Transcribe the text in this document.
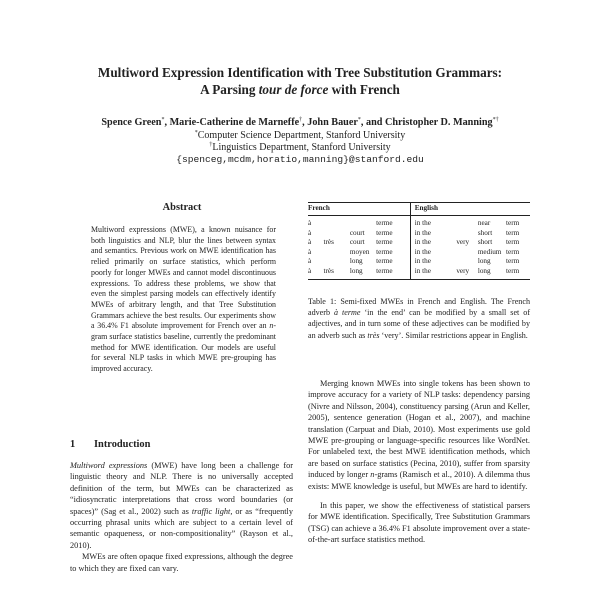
Multiword Expression Identification with Tree Substitution Grammars:
A Parsing tour de force with French
Spence Green*, Marie-Catherine de Marneffe†, John Bauer*, and Christopher D. Manning*†
*Computer Science Department, Stanford University
†Linguistics Department, Stanford University
{spenceg,mcdm,horatio,manning}@stanford.edu
Abstract
Multiword expressions (MWE), a known nuisance for both linguistics and NLP, blur the lines between syntax and semantics. Previous work on MWE identification has relied primarily on surface statistics, which perform poorly for longer MWEs and cannot model discontinuous expressions. To address these problems, we show that even the simplest parsing models can effectively identify MWEs of arbitrary length, and that Tree Substitution Grammars achieve the best results. Our experiments show a 36.4% F1 absolute improvement for French over an n-gram surface statistics baseline, currently the predominant method for MWE identification. Our models are useful for several NLP tasks in which MWE pre-grouping has improved accuracy.
1 Introduction

Multiword expressions (MWE) have long been a challenge for linguistic theory and NLP. There is no universally accepted definition of the term, but MWEs can be characterized as “idiosyncratic interpretations that cross word boundaries (or spaces)” (Sag et al., 2002) such as traffic light, or as “frequently occurring phrasal units which are subject to a certain level of semantic opaqueness, or non-compositionality” (Rayson et al., 2010).

MWEs are often opaque fixed expressions, although the degree to which they are fixed can vary.

French				English			
à			terme	in the		near	term
à		court	terme	in the		short	term
à	très	court	terme	in the	very	short	term
à		moyen	terme	in the		medium	term
à		long	terme	in the		long	term
à	très	long	terme	in the	very	long	term
Table 1: Semi-fixed MWEs in French and English. The French adverb à terme ‘in the end’ can be modified by a small set of adjectives, and in turn some of these adjectives can be modified by an adverb such as très ‘very’. Similar restrictions appear in English.

Merging known MWEs into single tokens has been shown to improve accuracy for a variety of NLP tasks: dependency parsing (Nivre and Nilsson, 2004), constituency parsing (Arun and Keller, 2005), sentence generation (Hogan et al., 2007), and machine translation (Carpuat and Diab, 2010). Most experiments use gold MWE pre-grouping or language-specific resources like WordNet. For unlabeled text, the best MWE identification methods, which are based on surface statistics (Pecina, 2010), suffer from sparsity induced by longer n-grams (Ramisch et al., 2010). A dilemma thus exists: MWE knowledge is useful, but MWEs are hard to identify.

In this paper, we show the effectiveness of statistical parsers for MWE identification. Specifically, Tree Substitution Grammars (TSG) can achieve a 36.4% F1 absolute improvement over a state-of-the-art surface statistics method.
